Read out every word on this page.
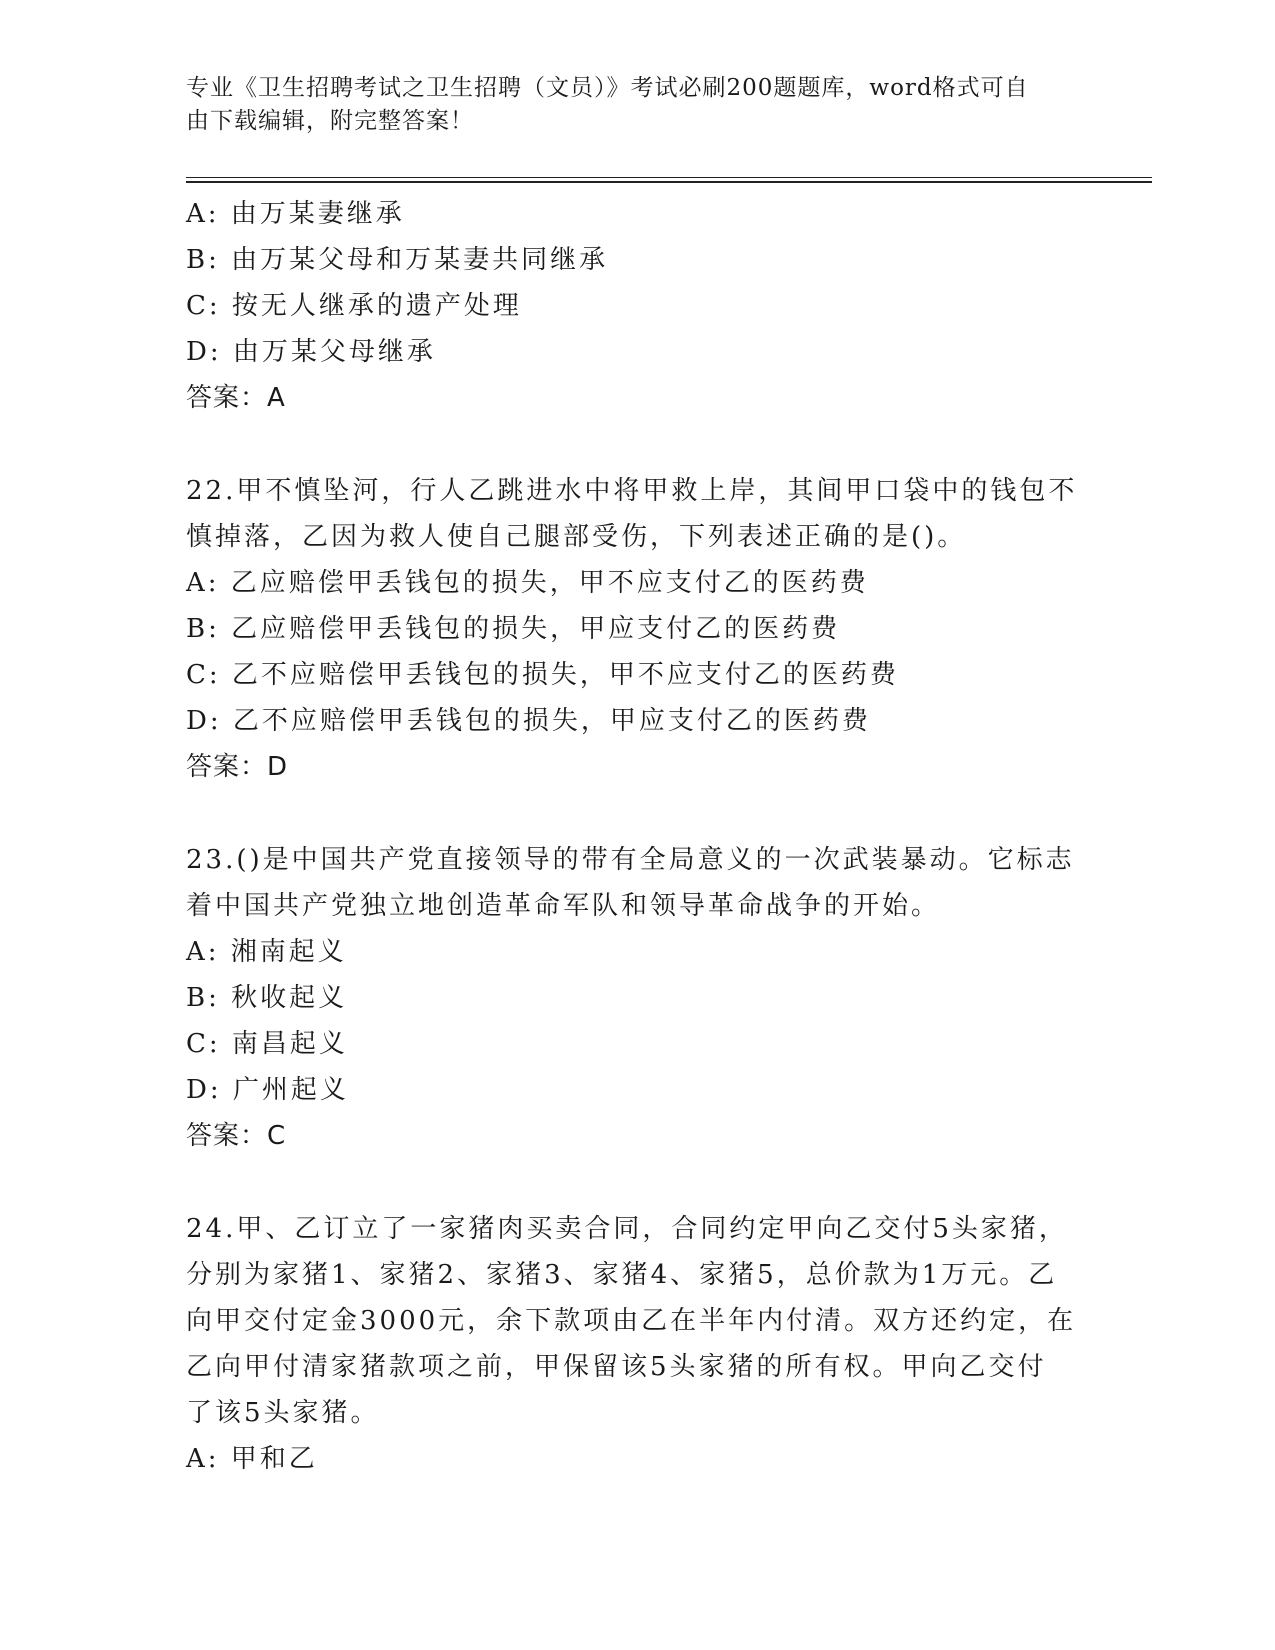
专业《卫生招聘考试之卫生招聘（文员）》考试必刷200题题库，word格式可自
由下载编辑，附完整答案！
A: 由万某妻继承
B: 由万某父母和万某妻共同继承
C: 按无人继承的遗产处理
D: 由万某父母继承
答案：A
22.甲不慎坠河，行人乙跳进水中将甲救上岸，其间甲口袋中的钱包不
慎掉落，乙因为救人使自己腿部受伤，下列表述正确的是()。
A: 乙应赔偿甲丢钱包的损失，甲不应支付乙的医药费
B: 乙应赔偿甲丢钱包的损失，甲应支付乙的医药费
C: 乙不应赔偿甲丢钱包的损失，甲不应支付乙的医药费
D: 乙不应赔偿甲丢钱包的损失，甲应支付乙的医药费
答案：D
23.()是中国共产党直接领导的带有全局意义的一次武装暴动。它标志
着中国共产党独立地创造革命军队和领导革命战争的开始。
A: 湘南起义
B: 秋收起义
C: 南昌起义
D: 广州起义
答案：C
24.甲、乙订立了一家猪肉买卖合同，合同约定甲向乙交付5头家猪，
分别为家猪1、家猪2、家猪3、家猪4、家猪5，总价款为1万元。乙
向甲交付定金3000元，余下款项由乙在半年内付清。双方还约定，在
乙向甲付清家猪款项之前，甲保留该5头家猪的所有权。甲向乙交付
了该5头家猪。
A: 甲和乙
